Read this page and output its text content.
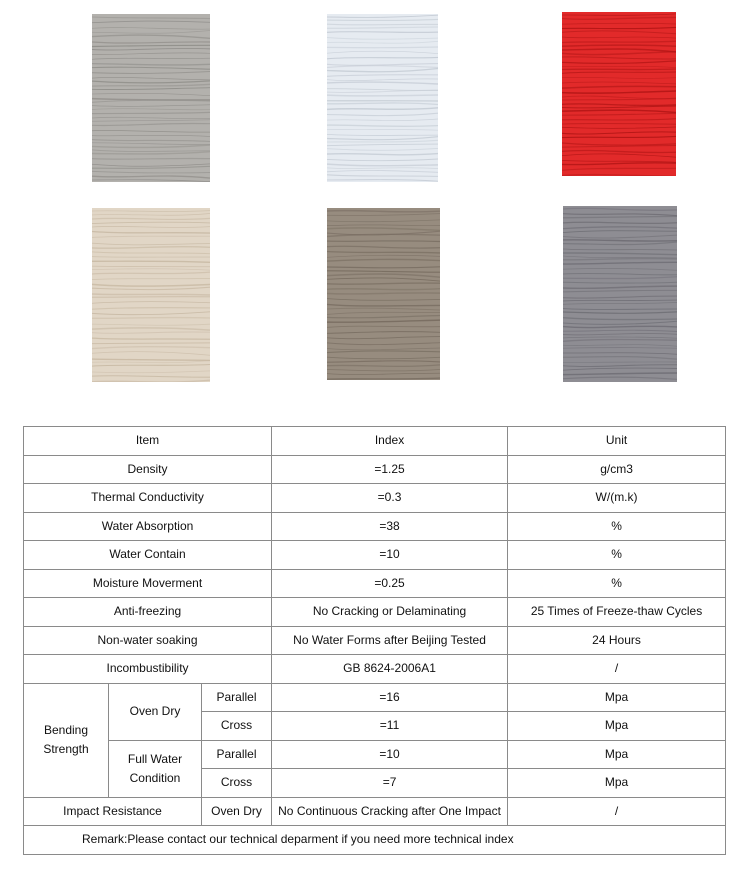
Item			Index	Unit
Density			=1.25	g/cm3
Thermal Conductivity			=0.3	W/(m.k)
Water Absorption			=38	%
Water Contain			=10	%
Moisture Moverment			=0.25	%
Anti-freezing			No Cracking or Delaminating	25 Times of Freeze-thaw Cycles
Non-water soaking			No Water Forms after Beijing Tested	24 Hours
Incombustibility			GB 8624-2006A1	/
Bending Strength	Oven Dry	Parallel	=16	Mpa
		Cross	=11	Mpa
	Full Water Condition	Parallel	=10	Mpa
		Cross	=7	Mpa
Impact Resistance		Oven Dry	No Continuous Cracking after One Impact	/
Remark:Please contact our technical deparment if you need more technical index				
